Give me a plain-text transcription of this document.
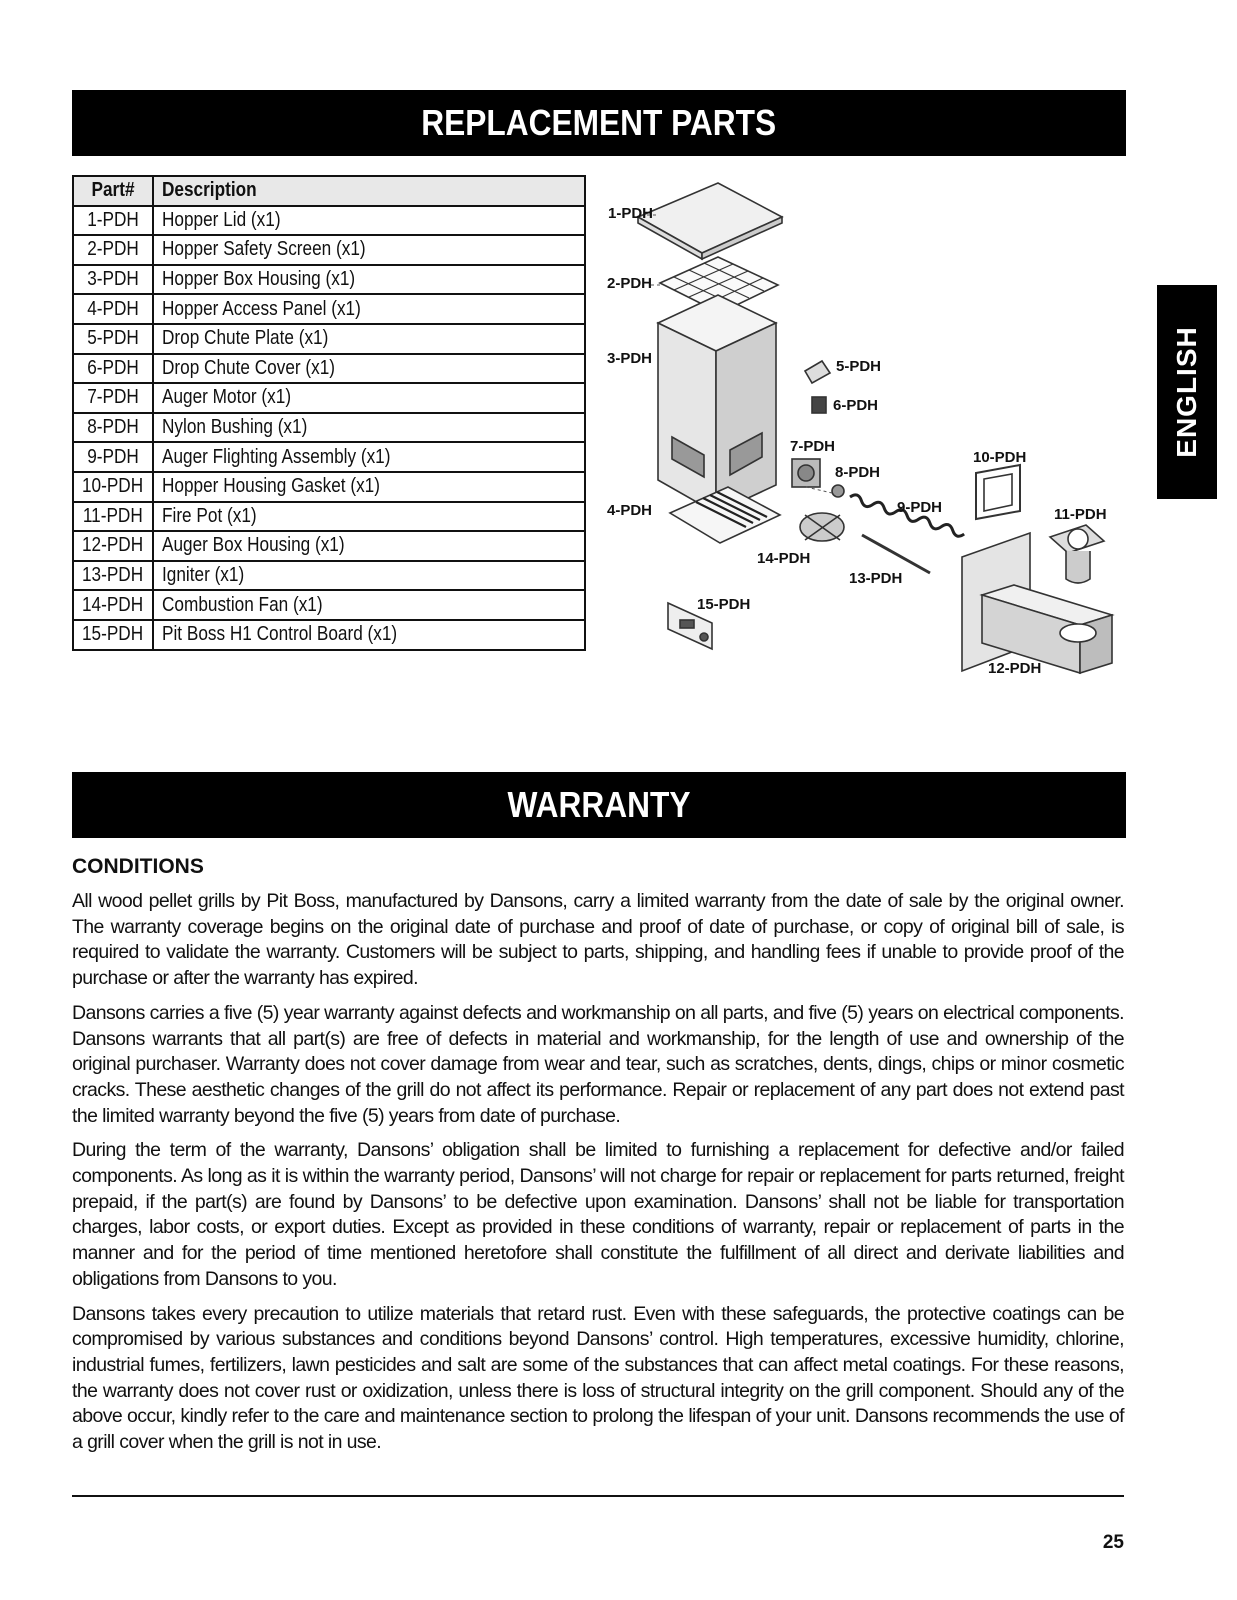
REPLACEMENT PARTS
Part#	Description
1-PDH	Hopper Lid (x1)
2-PDH	Hopper Safety Screen (x1)
3-PDH	Hopper Box Housing (x1)
4-PDH	Hopper Access Panel (x1)
5-PDH	Drop Chute Plate (x1)
6-PDH	Drop Chute Cover (x1)
7-PDH	Auger Motor (x1)
8-PDH	Nylon Bushing (x1)
9-PDH	Auger Flighting Assembly (x1)
10-PDH	Hopper Housing Gasket (x1)
11-PDH	Fire Pot (x1)
12-PDH	Auger Box Housing (x1)
13-PDH	Igniter (x1)
14-PDH	Combustion Fan (x1)
15-PDH	Pit Boss H1 Control Board (x1)
1-PDH
2-PDH
3-PDH
4-PDH
5-PDH
6-PDH
7-PDH
8-PDH
9-PDH
10-PDH
11-PDH
12-PDH
13-PDH
14-PDH
15-PDH
ENGLISH
WARRANTY
CONDITIONS

All wood pellet grills by Pit Boss, manufactured by Dansons, carry a limited warranty from the date of sale by the original owner. The warranty coverage begins on the original date of purchase and proof of date of purchase, or copy of original bill of sale, is required to validate the warranty. Customers will be subject to parts, shipping, and handling fees if unable to provide proof of the purchase or after the warranty has expired.

Dansons carries a five (5) year warranty against defects and workmanship on all parts, and five (5) years on electrical components. Dansons warrants that all part(s) are free of defects in material and workmanship, for the length of use and ownership of the original purchaser. Warranty does not cover damage from wear and tear, such as scratches, dents, dings, chips or minor cosmetic cracks. These aesthetic changes of the grill do not affect its performance. Repair or replacement of any part does not extend past the limited warranty beyond the five (5) years from date of purchase.

During the term of the warranty, Dansons’ obligation shall be limited to furnishing a replacement for defective and/or failed components. As long as it is within the warranty period, Dansons’ will not charge for repair or replacement for parts returned, freight prepaid, if the part(s) are found by Dansons’ to be defective upon examination. Dansons’ shall not be liable for transportation charges, labor costs, or export duties. Except as provided in these conditions of warranty, repair or replacement of parts in the manner and for the period of time mentioned heretofore shall constitute the fulfillment of all direct and derivate liabilities and obligations from Dansons to you.

Dansons takes every precaution to utilize materials that retard rust. Even with these safeguards, the protective coatings can be compromised by various substances and conditions beyond Dansons’ control. High temperatures, excessive humidity, chlorine, industrial fumes, fertilizers, lawn pesticides and salt are some of the substances that can affect metal coatings. For these reasons, the warranty does not cover rust or oxidization, unless there is loss of structural integrity on the grill component. Should any of the above occur, kindly refer to the care and maintenance section to prolong the lifespan of your unit. Dansons recommends the use of a grill cover when the grill is not in use.

25
